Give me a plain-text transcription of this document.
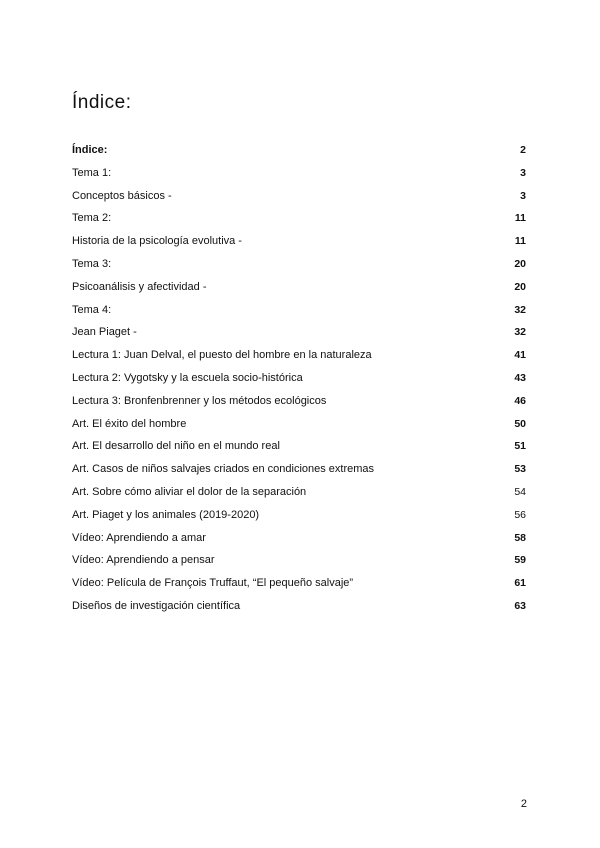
Índice:
Índice:	2
Tema 1:	3
Conceptos básicos -	3
Tema 2:	11
Historia de la psicología evolutiva -	11
Tema 3:	20
Psicoanálisis y afectividad -	20
Tema 4:	32
Jean Piaget -	32
Lectura 1: Juan Delval, el puesto del hombre en la naturaleza	41
Lectura 2: Vygotsky y la escuela socio-histórica	43
Lectura 3: Bronfenbrenner y los métodos ecológicos	46
Art. El éxito del hombre	50
Art. El desarrollo del niño en el mundo real	51
Art. Casos de niños salvajes criados en condiciones extremas	53
Art. Sobre cómo aliviar el dolor de la separación	54
Art. Piaget y los animales (2019-2020)	56
Vídeo: Aprendiendo a amar	58
Vídeo: Aprendiendo a pensar	59
Vídeo: Película de François Truffaut, “El pequeño salvaje”	61
Diseños de investigación científica	63
2
